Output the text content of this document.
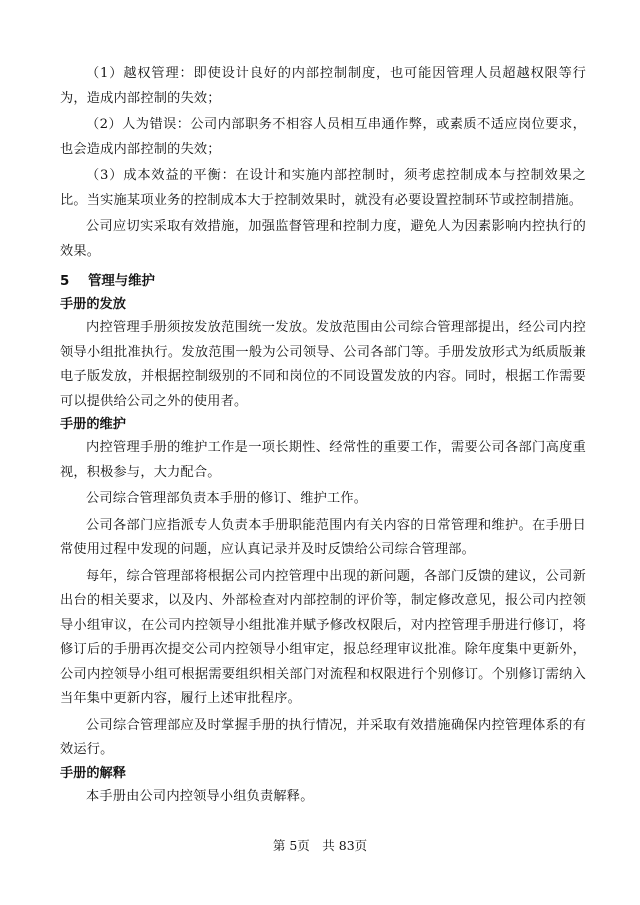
（1）越权管理：即使设计良好的内部控制制度，也可能因管理人员超越权限等行为，造成内部控制的失效；

（2）人为错误：公司内部职务不相容人员相互串通作弊，或素质不适应岗位要求，也会造成内部控制的失效；

（3）成本效益的平衡：在设计和实施内部控制时，须考虑控制成本与控制效果之比。当实施某项业务的控制成本大于控制效果时，就没有必要设置控制环节或控制措施。

公司应切实采取有效措施，加强监督管理和控制力度，避免人为因素影响内控执行的效果。

5	管理与维护
手册的发放

内控管理手册须按发放范围统一发放。发放范围由公司综合管理部提出，经公司内控领导小组批准执行。发放范围一般为公司领导、公司各部门等。手册发放形式为纸质版兼电子版发放，并根据控制级别的不同和岗位的不同设置发放的内容。同时，根据工作需要可以提供给公司之外的使用者。

手册的维护

内控管理手册的维护工作是一项长期性、经常性的重要工作，需要公司各部门高度重视，积极参与，大力配合。

公司综合管理部负责本手册的修订、维护工作。

公司各部门应指派专人负责本手册职能范围内有关内容的日常管理和维护。在手册日常使用过程中发现的问题，应认真记录并及时反馈给公司综合管理部。

每年，综合管理部将根据公司内控管理中出现的新问题，各部门反馈的建议，公司新出台的相关要求，以及内、外部检查对内部控制的评价等，制定修改意见，报公司内控领导小组审议，在公司内控领导小组批准并赋予修改权限后，对内控管理手册进行修订，将修订后的手册再次提交公司内控领导小组审定，报总经理审议批准。除年度集中更新外，公司内控领导小组可根据需要组织相关部门对流程和权限进行个别修订。个别修订需纳入当年集中更新内容，履行上述审批程序。

公司综合管理部应及时掌握手册的执行情况，并采取有效措施确保内控管理体系的有效运行。

手册的解释

本手册由公司内控领导小组负责解释。

第 5页　共 83页
